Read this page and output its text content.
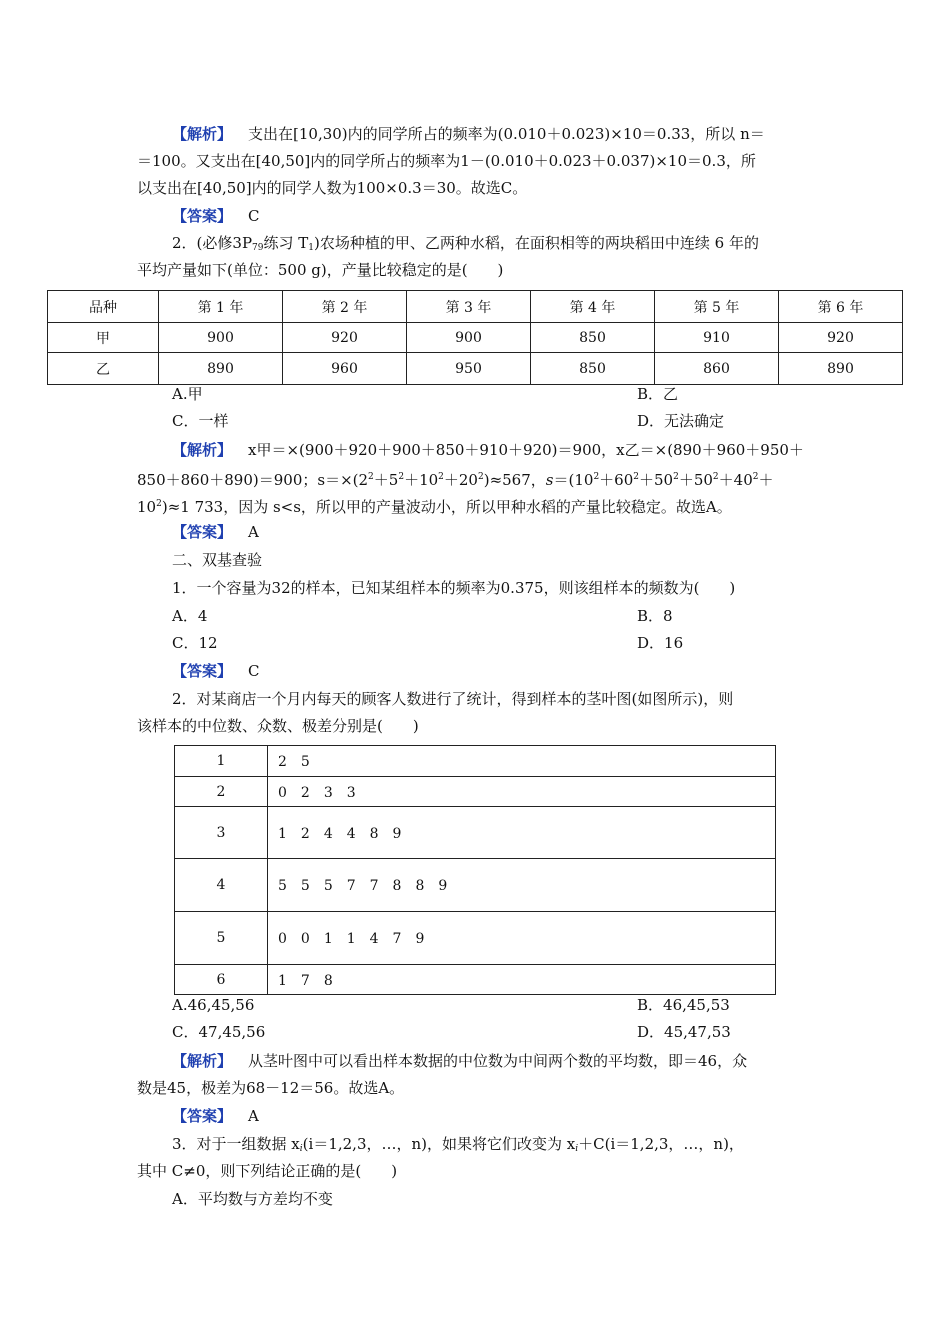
【解析】 支出在[10,30)内的同学所占的频率为(0.010＋0.023)×10＝0.33，所以 n＝
＝100。又支出在[40,50]内的同学所占的频率为1－(0.010＋0.023＋0.037)×10＝0.3，所
以支出在[40,50]内的同学人数为100×0.3＝30。故选C。
【答案】 C
2．(必修$3P_{79}$练习 $T_1$)农场种植的甲、乙两种水稻，在面积相等的两块稻田中连续 6 年的
平均产量如下(单位：500 g)，产量比较稳定的是(　　)
品种	第 1 年	第 2 年	第 3 年	第 4 年	第 5 年	第 6 年
甲	900	920	900	850	910	920
乙	890	960	950	850	860	890
A.甲	B．乙
C．一样	D．无法确定
【解析】 x甲＝×(900＋920＋900＋850＋910＋920)＝900，x乙＝×(890＋960＋950＋
850＋860＋890)＝900；$s=\times(2^2+5^2+10^2+20^2)\approx 567$，$s=(10^2+60^2+50^2+50^2+40^2+$
$10^2)\approx 1$ 733，因为 s<s，所以甲的产量波动小，所以甲种水稻的产量比较稳定。故选A。
【答案】 A
二、双基查验
1．一个容量为32的样本，已知某组样本的频率为0.375，则该组样本的频数为(　　)
A．4	B．8
C．12	D．16
【答案】 C
2．对某商店一个月内每天的顾客人数进行了统计，得到样本的茎叶图(如图所示)，则
该样本的中位数、众数、极差分别是(　　)
1	2　5
2	0　2　3　3
3	1　2　4　4　8　9
4	5　5　5　7　7　8　8　9
5	0　0　1　1　4　7　9
6	1　7　8
A.46,45,56	B．46,45,53
C．47,45,56	D．45,47,53
【解析】 从茎叶图中可以看出样本数据的中位数为中间两个数的平均数，即＝46，众
数是45，极差为68－12＝56。故选A。
【答案】 A
3．对于一组数据 $x_i(i=1,2,3$，…，n)，如果将它们改变为 $x_i+C(i=1,2,3$，…，n)，
其中 C≠0，则下列结论正确的是(　　)
A．平均数与方差均不变
